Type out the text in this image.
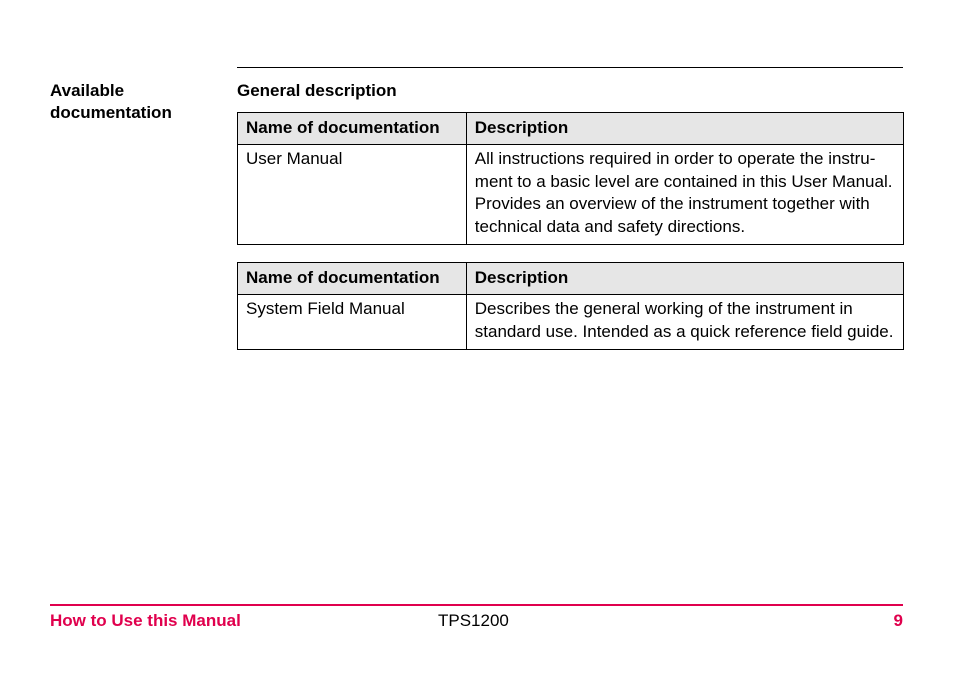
Available documentation
General description
Name of documentation	Description
User Manual	All instructions required in order to operate the instru-ment to a basic level are contained in this User Manual. Provides an overview of the instrument together with technical data and safety directions.
Name of documentation	Description
System Field Manual	Describes the general working of the instrument in standard use. Intended as a quick reference field guide.
How to Use this Manual	TPS1200	9
